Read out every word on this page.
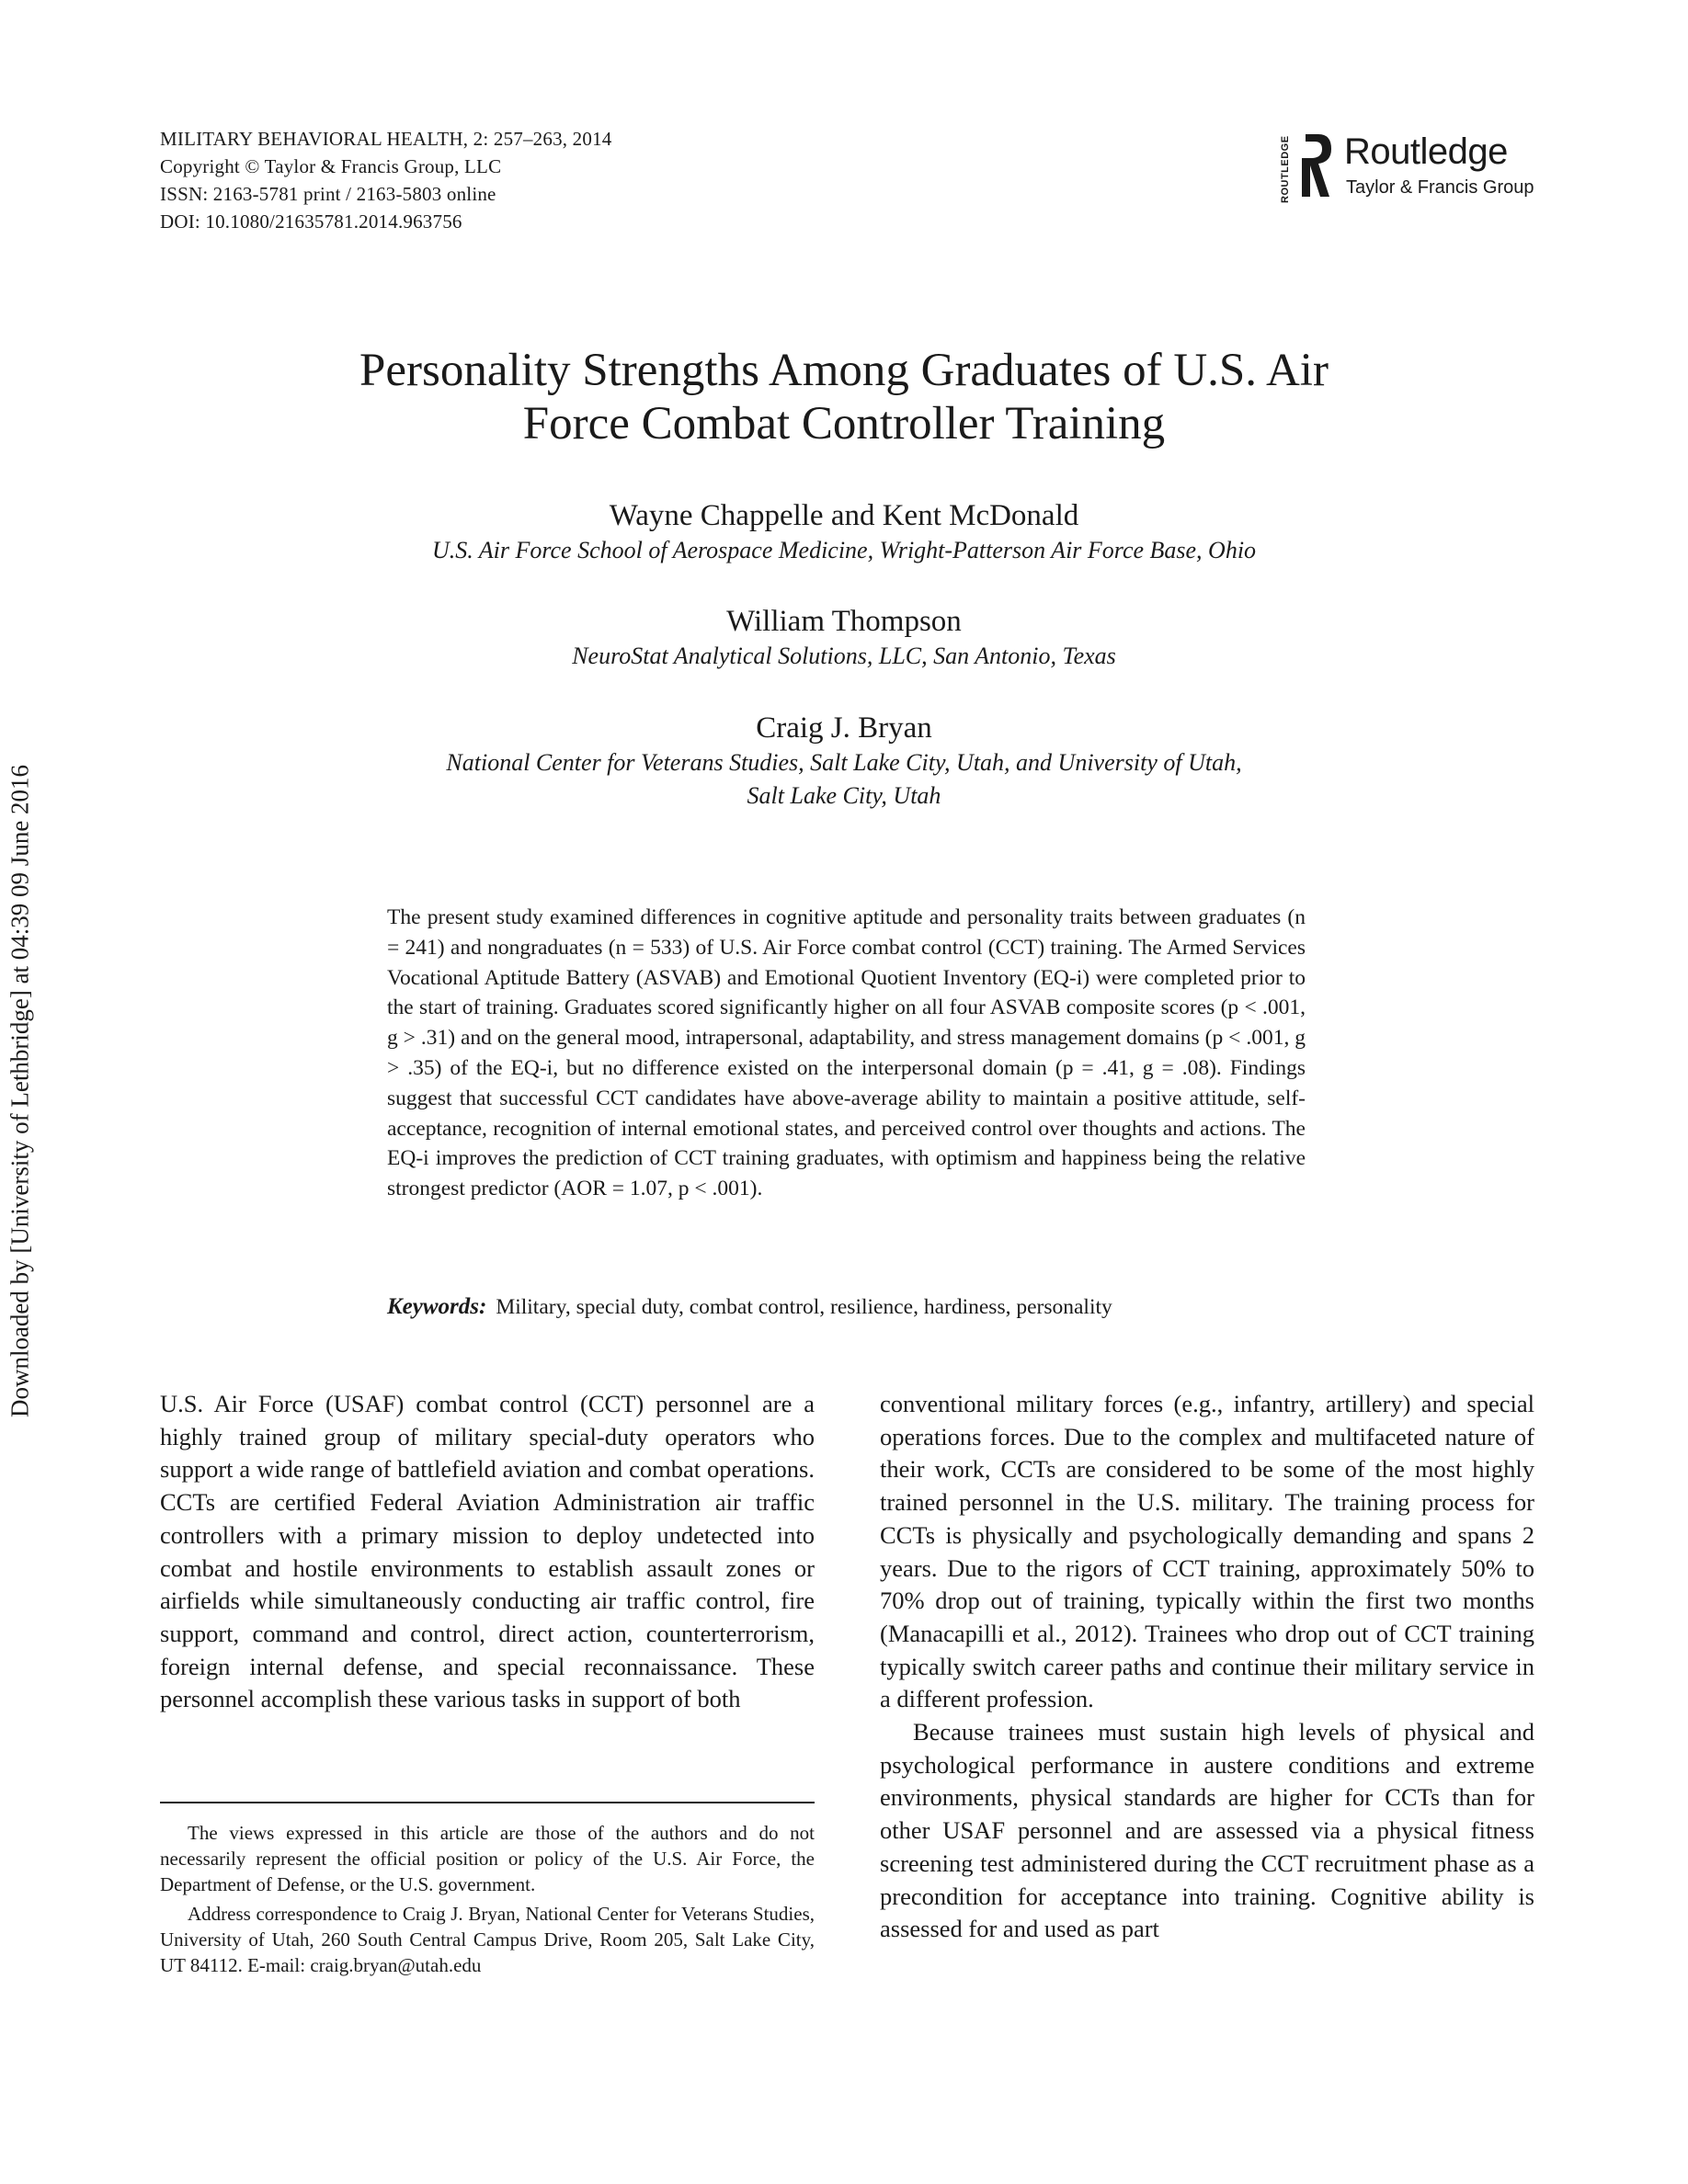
Downloaded by [University of Lethbridge] at 04:39 09 June 2016
MILITARY BEHAVIORAL HEALTH, 2: 257–263, 2014
Copyright © Taylor & Francis Group, LLC
ISSN: 2163-5781 print / 2163-5803 online
DOI: 10.1080/21635781.2014.963756
ROUTLEDGE Routledge
Taylor & Francis Group
Personality Strengths Among Graduates of U.S. Air
Force Combat Controller Training
Wayne Chappelle and Kent McDonald
U.S. Air Force School of Aerospace Medicine, Wright-Patterson Air Force Base, Ohio
William Thompson
NeuroStat Analytical Solutions, LLC, San Antonio, Texas
Craig J. Bryan
National Center for Veterans Studies, Salt Lake City, Utah, and University of Utah,
Salt Lake City, Utah

The present study examined differences in cognitive aptitude and personality traits between graduates (n = 241) and nongraduates (n = 533) of U.S. Air Force combat control (CCT) training. The Armed Services Vocational Aptitude Battery (ASVAB) and Emotional Quotient Inventory (EQ-i) were completed prior to the start of training. Graduates scored significantly higher on all four ASVAB composite scores (p < .001, g > .31) and on the general mood, intrapersonal, adaptability, and stress management domains (p < .001, g > .35) of the EQ-i, but no difference existed on the interpersonal domain (p = .41, g = .08). Findings suggest that successful CCT candidates have above-average ability to maintain a positive attitude, self-acceptance, recognition of internal emotional states, and perceived control over thoughts and actions. The EQ-i improves the prediction of CCT training graduates, with optimism and happiness being the relative strongest predictor (AOR = 1.07, p < .001).

Keywords: Military, special duty, combat control, resilience, hardiness, personality

U.S. Air Force (USAF) combat control (CCT) personnel are a highly trained group of military special-duty operators who support a wide range of battlefield aviation and combat operations. CCTs are certified Federal Aviation Administration air traffic controllers with a primary mission to deploy undetected into combat and hostile environments to establish assault zones or airfields while simultaneously conducting air traffic control, fire support, command and control, direct action, counterterrorism, foreign internal defense, and special reconnaissance. These personnel accomplish these various tasks in support of both

conventional military forces (e.g., infantry, artillery) and special operations forces. Due to the complex and multifaceted nature of their work, CCTs are considered to be some of the most highly trained personnel in the U.S. military. The training process for CCTs is physically and psychologically demanding and spans 2 years. Due to the rigors of CCT training, approximately 50% to 70% drop out of training, typically within the first two months (Manacapilli et al., 2012). Trainees who drop out of CCT training typically switch career paths and continue their military service in a different profession.

Because trainees must sustain high levels of physical and psychological performance in austere conditions and extreme environments, physical standards are higher for CCTs than for other USAF personnel and are assessed via a physical fitness screening test administered during the CCT recruitment phase as a precondition for acceptance into training. Cognitive ability is assessed for and used as part

The views expressed in this article are those of the authors and do not necessarily represent the official position or policy of the U.S. Air Force, the Department of Defense, or the U.S. government.

Address correspondence to Craig J. Bryan, National Center for Veterans Studies, University of Utah, 260 South Central Campus Drive, Room 205, Salt Lake City, UT 84112. E-mail: craig.bryan@utah.edu
